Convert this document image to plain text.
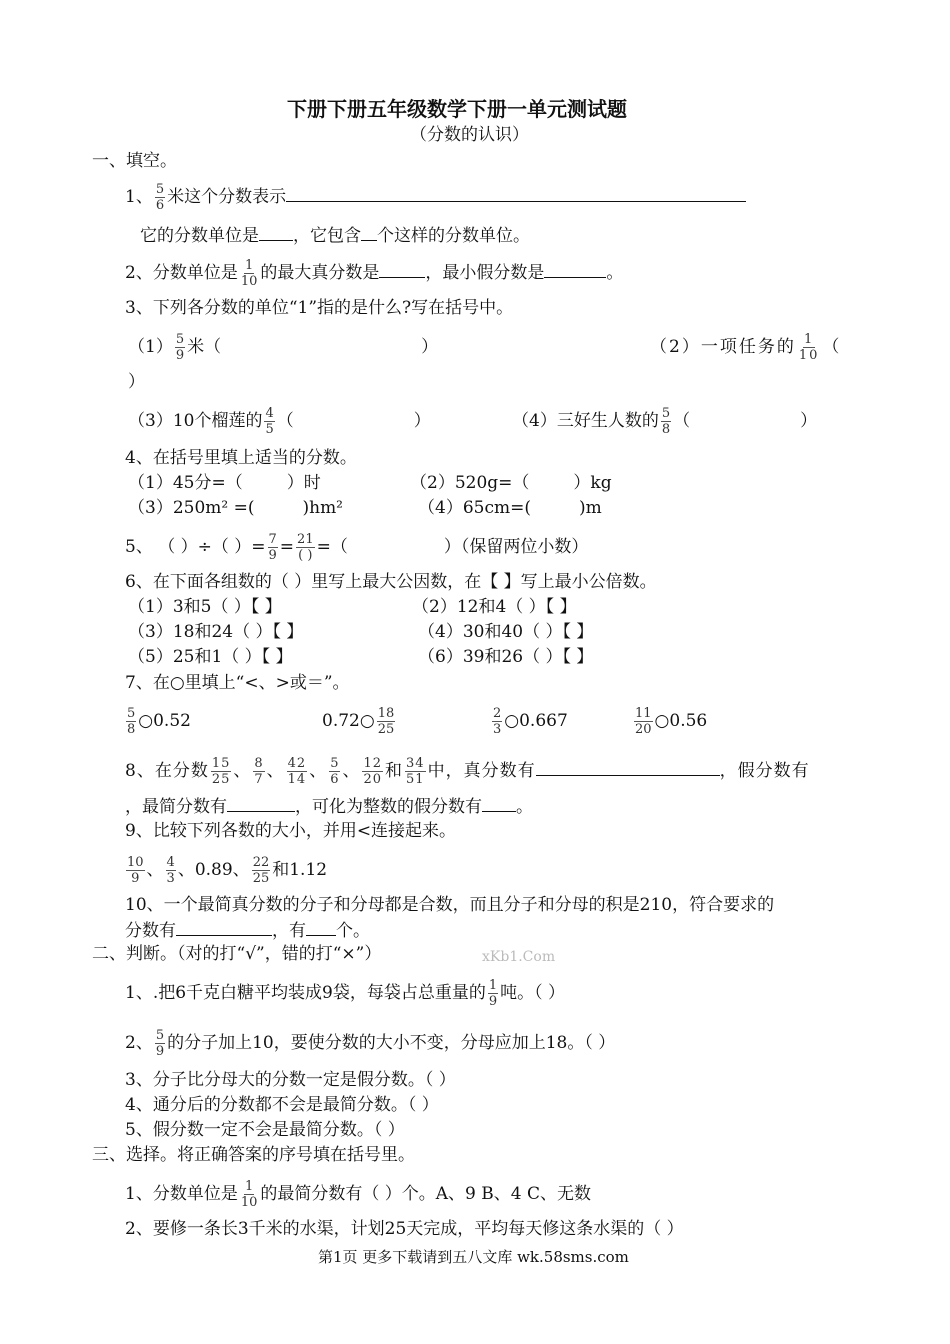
下册下册五年级数学下册一单元测试题
（分数的认识）
一、填空。
1、 $\frac{5}{6}$ 米这个分数表示
它的分数单位是 ，它包含 个这样的分数单位。
2、分数单位是 $\frac{1}{10}$ 的最大真分数是	，最小假分数是	。
3、下列各分数的单位“1”指的是什么?写在括号中。
$(1) \frac{5}{9}$ 米（	）	（2）一项任务的 $\frac{1}{10}$ （
）
（3）10个榴莲的 $\frac{4}{5}$ （	）	（4）三好生人数的 $\frac{5}{8}$ （	）
4、在括号里填上适当的分数。
（1）45分=（	）时	（2）520g=（	）kg
（3）250m² =(	)hm²	（4）65cm=(	)m
5、 （ ）÷（ ）= $\frac{7}{9} = 21$
( ) =（	）（保留两位小数）
6、在下面各组数的（ ）里写上最大公因数，在【 】写上最小公倍数。
（1）3和5（ ）【 】	（2）12和4（ ）【 】
（3）18和24（ ）【 】	（4）30和40（ ）【 】
（5）25和1（ ）【 】	（6）39和26（ ）【 】
7、在○里填上“<、>或＝”。
$\frac{5}{8}$ ○0.52	0.72○ $\frac{18}{25}$	$\frac{2}{3}$ ○0.667	$\frac{11}{20}$ ○0.56
8、在分数 $\frac{15}{25}$ 、 $\frac{8}{7}$ 、 $\frac{42}{14}$ 、 $\frac{5}{6}$ 、 $\frac{12}{20}$ 和 $\frac{34}{51}$ 中，真分数有	，假分数有
，最简分数有	，可化为整数的假分数有 。
9、比较下列各数的大小，并用<连接起来。
$\frac{10}{9}$ 、 $\frac{4}{3}$ 、0.89、 $\frac{22}{25}$ 和1.12
10、一个最简真分数的分子和分母都是合数，而且分子和分母的积是210，符合要求的
分数有	，有 个。
二、判断。（对的打“√”，错的打“×”）	xKb1.Com
1、.把6千克白糖平均装成9袋，每袋占总重量的 $\frac{1}{9}$ 吨。（ ）
2、 $\frac{5}{9}$ 的分子加上10，要使分数的大小不变，分母应加上18。（ ）
3、分子比分母大的分数一定是假分数。（ ）
4、通分后的分数都不会是最简分数。（ ）
5、假分数一定不会是最简分数。（ ）
三、选择。将正确答案的序号填在括号里。
1、分数单位是 $\frac{1}{10}$ 的最简分数有（ ）个。A、9 B、4 C、无数
2、要修一条长3千米的水渠，计划25天完成，平均每天修这条水渠的（ ）
第1页 更多下载请到五八文库 wk.58sms.com
